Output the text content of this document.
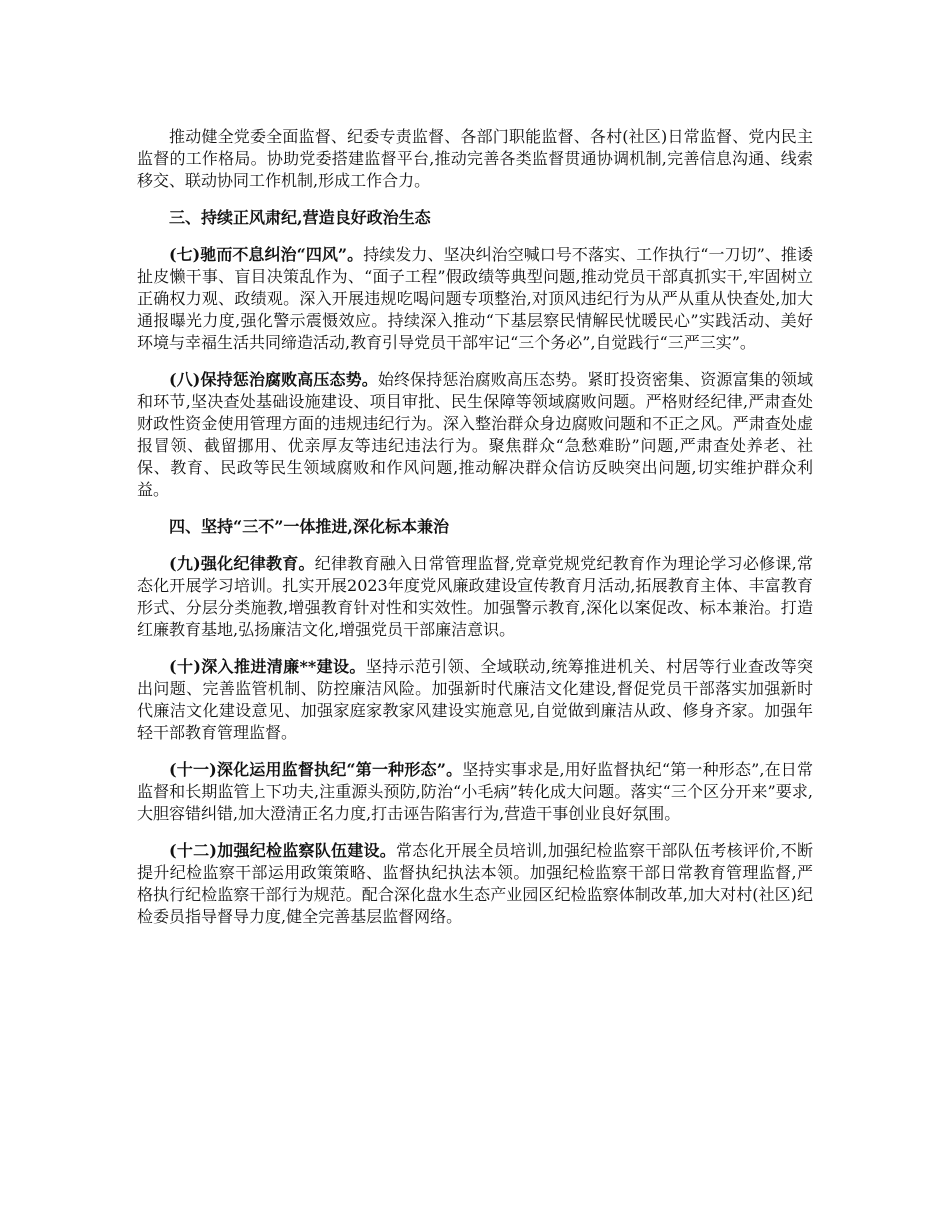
推动健全党委全面监督、纪委专责监督、各部门职能监督、各村(社区)日常监督、党内民主监督的工作格局。协助党委搭建监督平台,推动完善各类监督贯通协调机制,完善信息沟通、线索移交、联动协同工作机制,形成工作合力。

三、持续正风肃纪,营造良好政治生态

(七)驰而不息纠治“四风”。持续发力、坚决纠治空喊口号不落实、工作执行“一刀切”、推诿扯皮懒干事、盲目决策乱作为、“面子工程”假政绩等典型问题,推动党员干部真抓实干,牢固树立正确权力观、政绩观。深入开展违规吃喝问题专项整治,对顶风违纪行为从严从重从快查处,加大通报曝光力度,强化警示震慑效应。持续深入推动“下基层察民情解民忧暖民心”实践活动、美好环境与幸福生活共同缔造活动,教育引导党员干部牢记“三个务必”,自觉践行“三严三实”。

(八)保持惩治腐败高压态势。始终保持惩治腐败高压态势。紧盯投资密集、资源富集的领域和环节,坚决查处基础设施建设、项目审批、民生保障等领域腐败问题。严格财经纪律,严肃查处财政性资金使用管理方面的违规违纪行为。深入整治群众身边腐败问题和不正之风。严肃查处虚报冒领、截留挪用、优亲厚友等违纪违法行为。聚焦群众“急愁难盼”问题,严肃查处养老、社保、教育、民政等民生领域腐败和作风问题,推动解决群众信访反映突出问题,切实维护群众利益。

四、坚持“三不”一体推进,深化标本兼治

(九)强化纪律教育。纪律教育融入日常管理监督,党章党规党纪教育作为理论学习必修课,常态化开展学习培训。扎实开展2023年度党风廉政建设宣传教育月活动,拓展教育主体、丰富教育形式、分层分类施教,增强教育针对性和实效性。加强警示教育,深化以案促改、标本兼治。打造红廉教育基地,弘扬廉洁文化,增强党员干部廉洁意识。

(十)深入推进清廉**建设。坚持示范引领、全域联动,统筹推进机关、村居等行业查改等突出问题、完善监管机制、防控廉洁风险。加强新时代廉洁文化建设,督促党员干部落实加强新时代廉洁文化建设意见、加强家庭家教家风建设实施意见,自觉做到廉洁从政、修身齐家。加强年轻干部教育管理监督。

(十一)深化运用监督执纪“第一种形态”。坚持实事求是,用好监督执纪“第一种形态”,在日常监督和长期监管上下功夫,注重源头预防,防治“小毛病”转化成大问题。落实“三个区分开来”要求,大胆容错纠错,加大澄清正名力度,打击诬告陷害行为,营造干事创业良好氛围。

(十二)加强纪检监察队伍建设。常态化开展全员培训,加强纪检监察干部队伍考核评价,不断提升纪检监察干部运用政策策略、监督执纪执法本领。加强纪检监察干部日常教育管理监督,严格执行纪检监察干部行为规范。配合深化盘水生态产业园区纪检监察体制改革,加大对村(社区)纪检委员指导督导力度,健全完善基层监督网络。
